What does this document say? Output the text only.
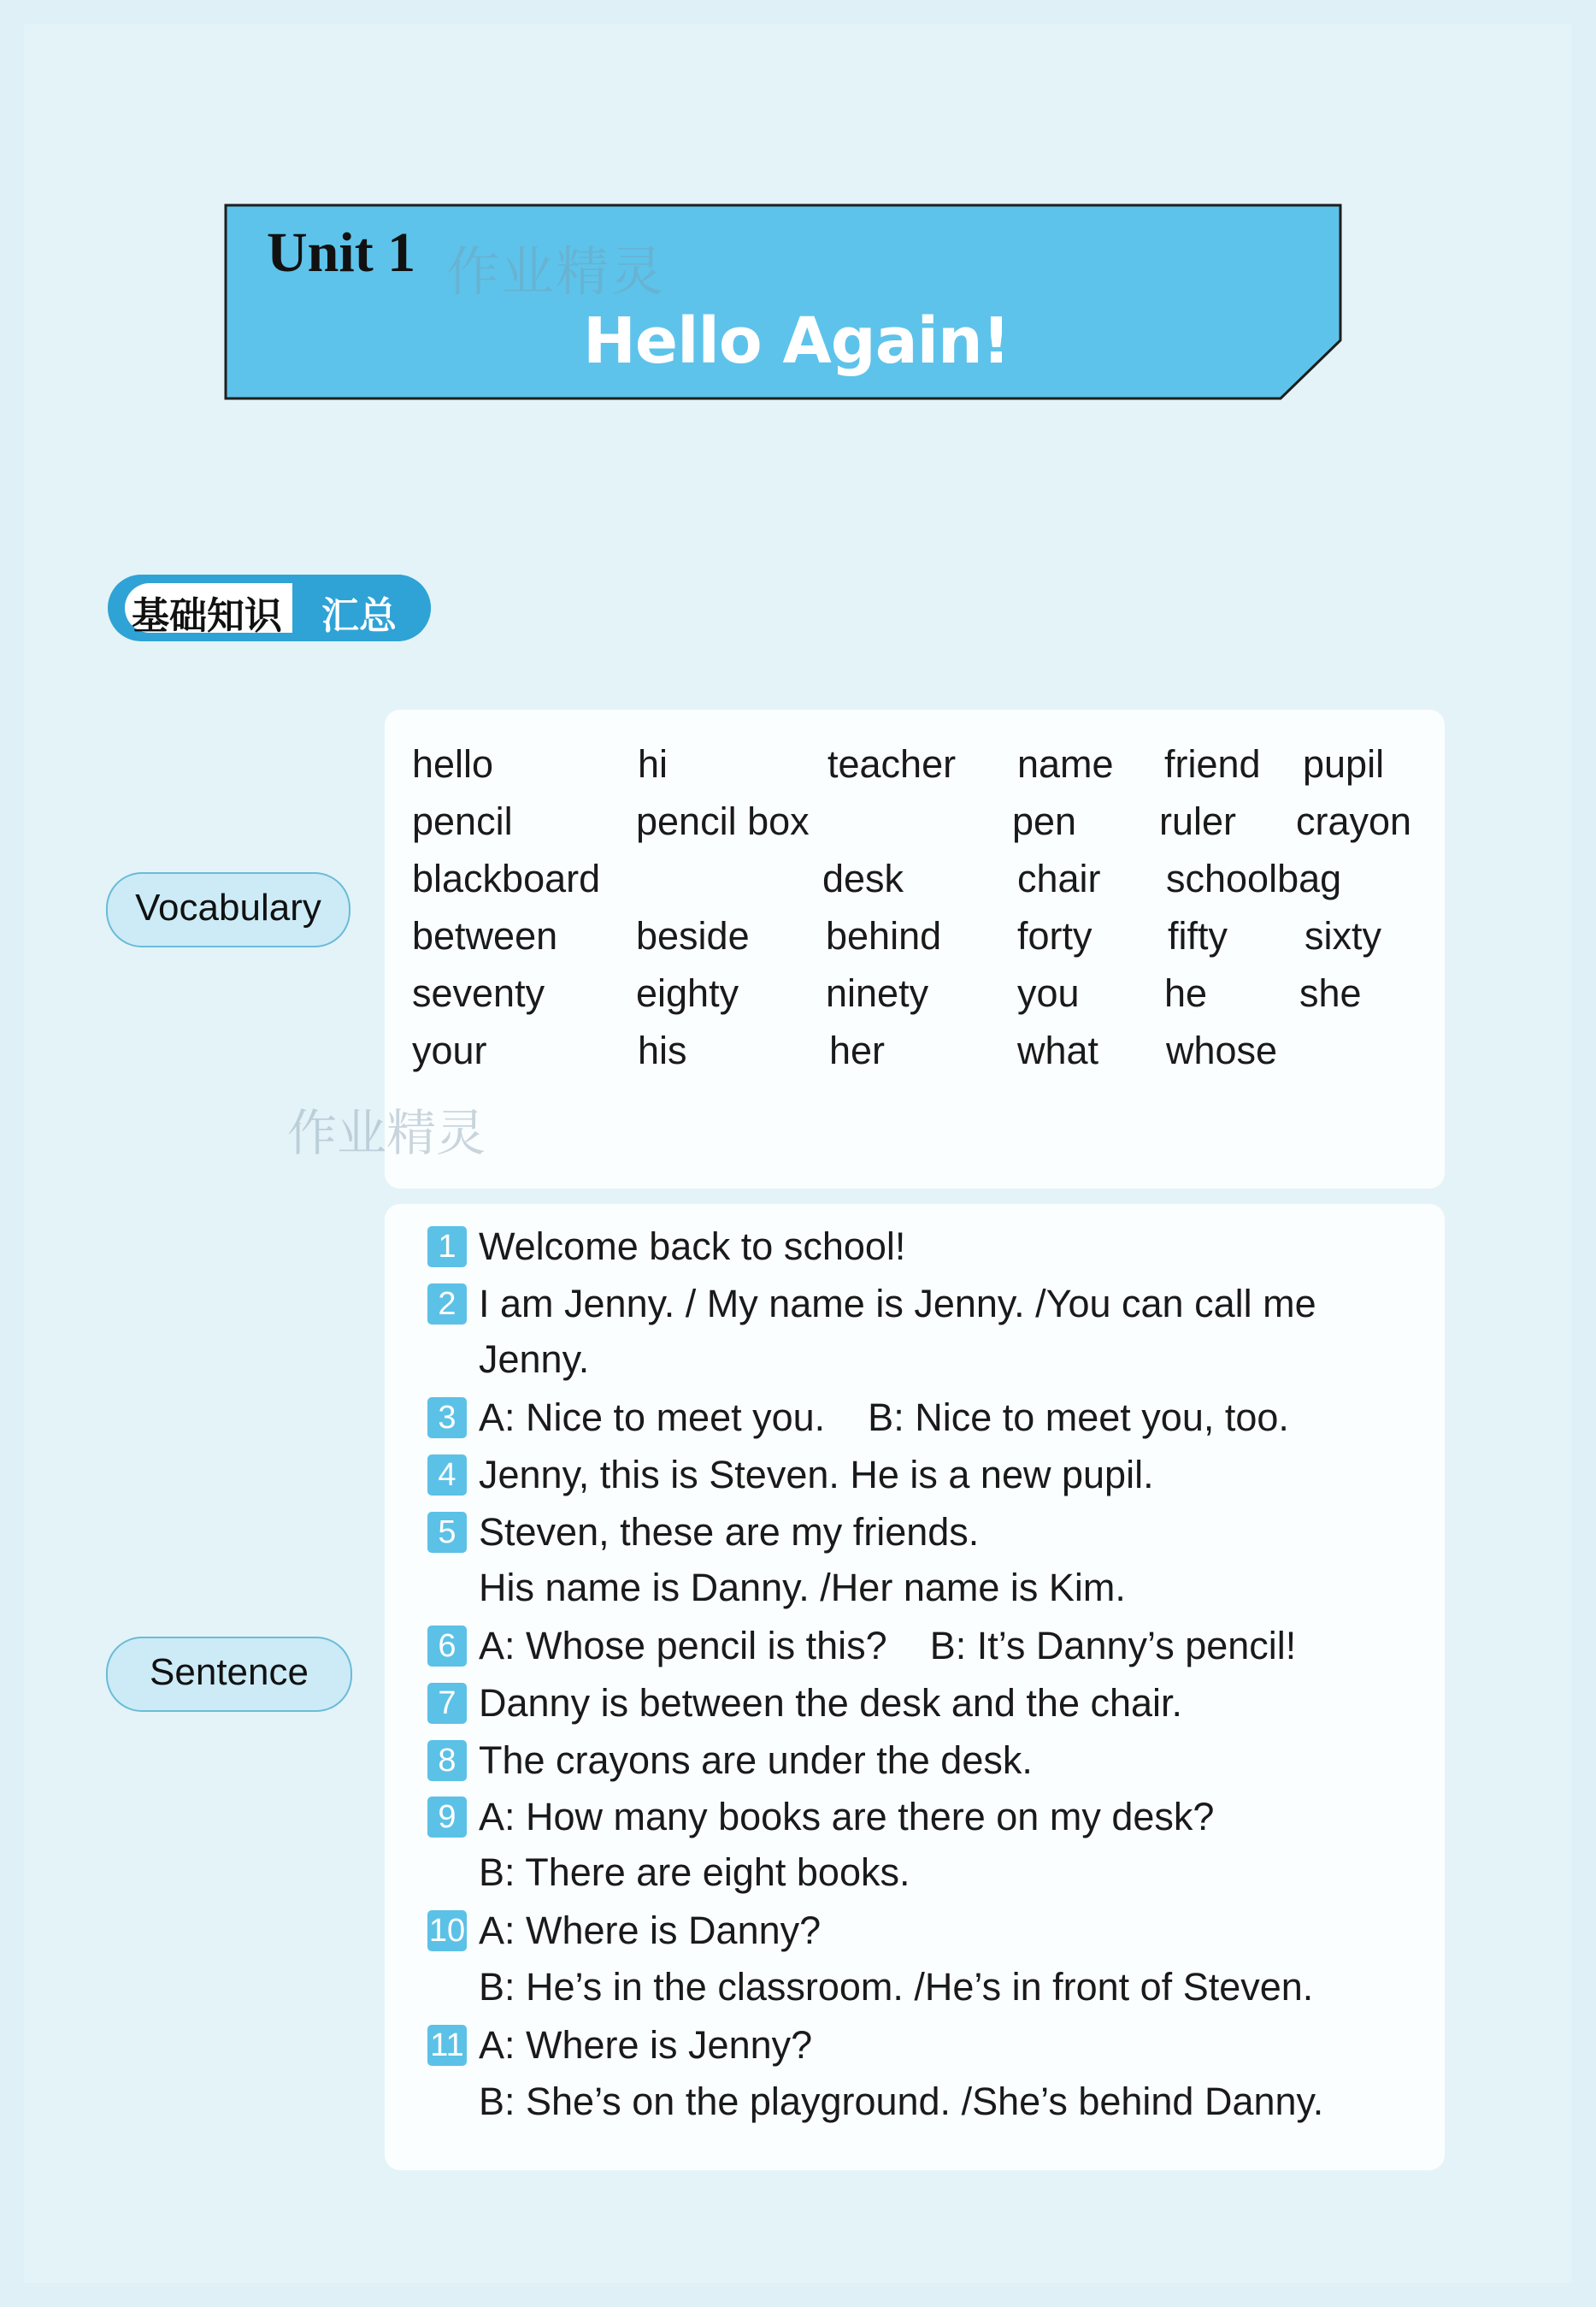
Unit 1 作业精灵
Hello Again!
基础知识 汇总
Vocabulary
Sentence
hello	hi	teacher name friend pupil
pencil	pencil box	pen ruler crayon
blackboard	desk	chair schoolbag
between beside behind forty fifty sixty
seventy eighty ninety you he she
your	his	her	what whose
作业精灵
1 Welcome back to school!
2 I am Jenny. / My name is Jenny. /You can call me
Jenny.
3 A: Nice to meet you.    B: Nice to meet you, too.
4 Jenny, this is Steven. He is a new pupil.
5 Steven, these are my friends.
His name is Danny. /Her name is Kim.
6 A: Whose pencil is this?    B: It’s Danny’s pencil!
7 Danny is between the desk and the chair.
8 The crayons are under the desk.
9 A: How many books are there on my desk?
B: There are eight books.
10 A: Where is Danny?
B: He’s in the classroom. /He’s in front of Steven.
11 A: Where is Jenny?
B: She’s on the playground. /She’s behind Danny.
